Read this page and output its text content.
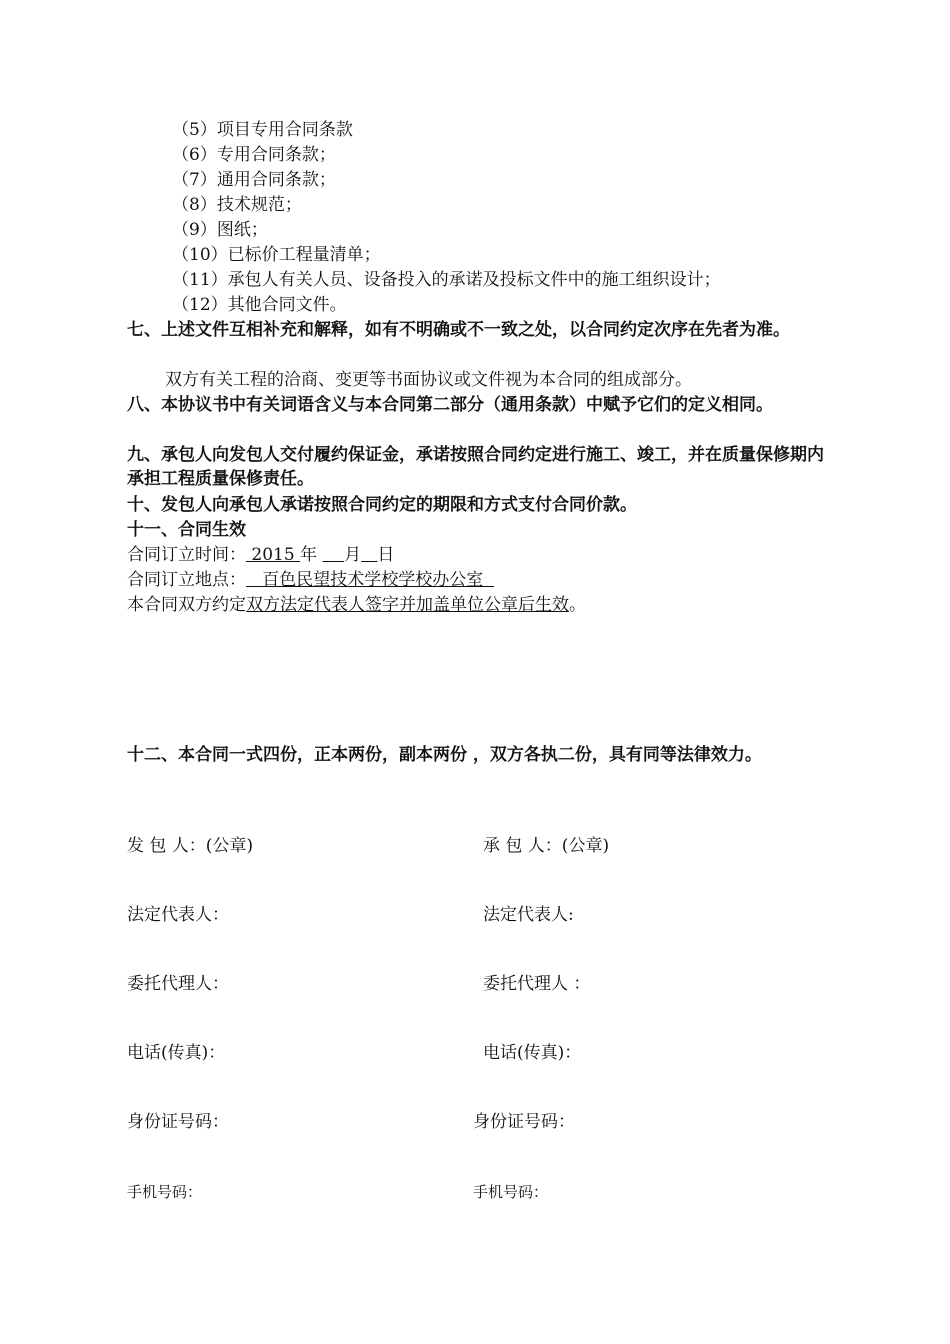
（5）项目专用合同条款
（6）专用合同条款；
（7）通用合同条款；
（8）技术规范；
（9）图纸；
（10）已标价工程量清单；
（11）承包人有关人员、设备投入的承诺及投标文件中的施工组织设计；
（12）其他合同文件。
七、上述文件互相补充和解释，如有不明确或不一致之处，以合同约定次序在先者为准。
双方有关工程的洽商、变更等书面协议或文件视为本合同的组成部分。
八、本协议书中有关词语含义与本合同第二部分（通用条款）中赋予它们的定义相同。
九、承包人向发包人交付履约保证金，承诺按照合同约定进行施工、竣工，并在质量保修期内承担工程质量保修责任。
十、发包人向承包人承诺按照合同约定的期限和方式支付合同价款。
十一、合同生效
合同订立时间： 2015 年     月 日
合同订立地点：   百色民望技术学校学校办公室
本合同双方约定双方法定代表人签字并加盖单位公章后生效。
十二、本合同一式四份，正本两份，副本两份 ，双方各执二份，具有同等法律效力。
发 包 人：(公章)
法定代表人：
委托代理人：
电话(传真)：
身份证号码：
手机号码：
承 包 人：(公章)
法定代表人:
委托代理人 ：
电话(传真)：
身份证号码：
手机号码：
